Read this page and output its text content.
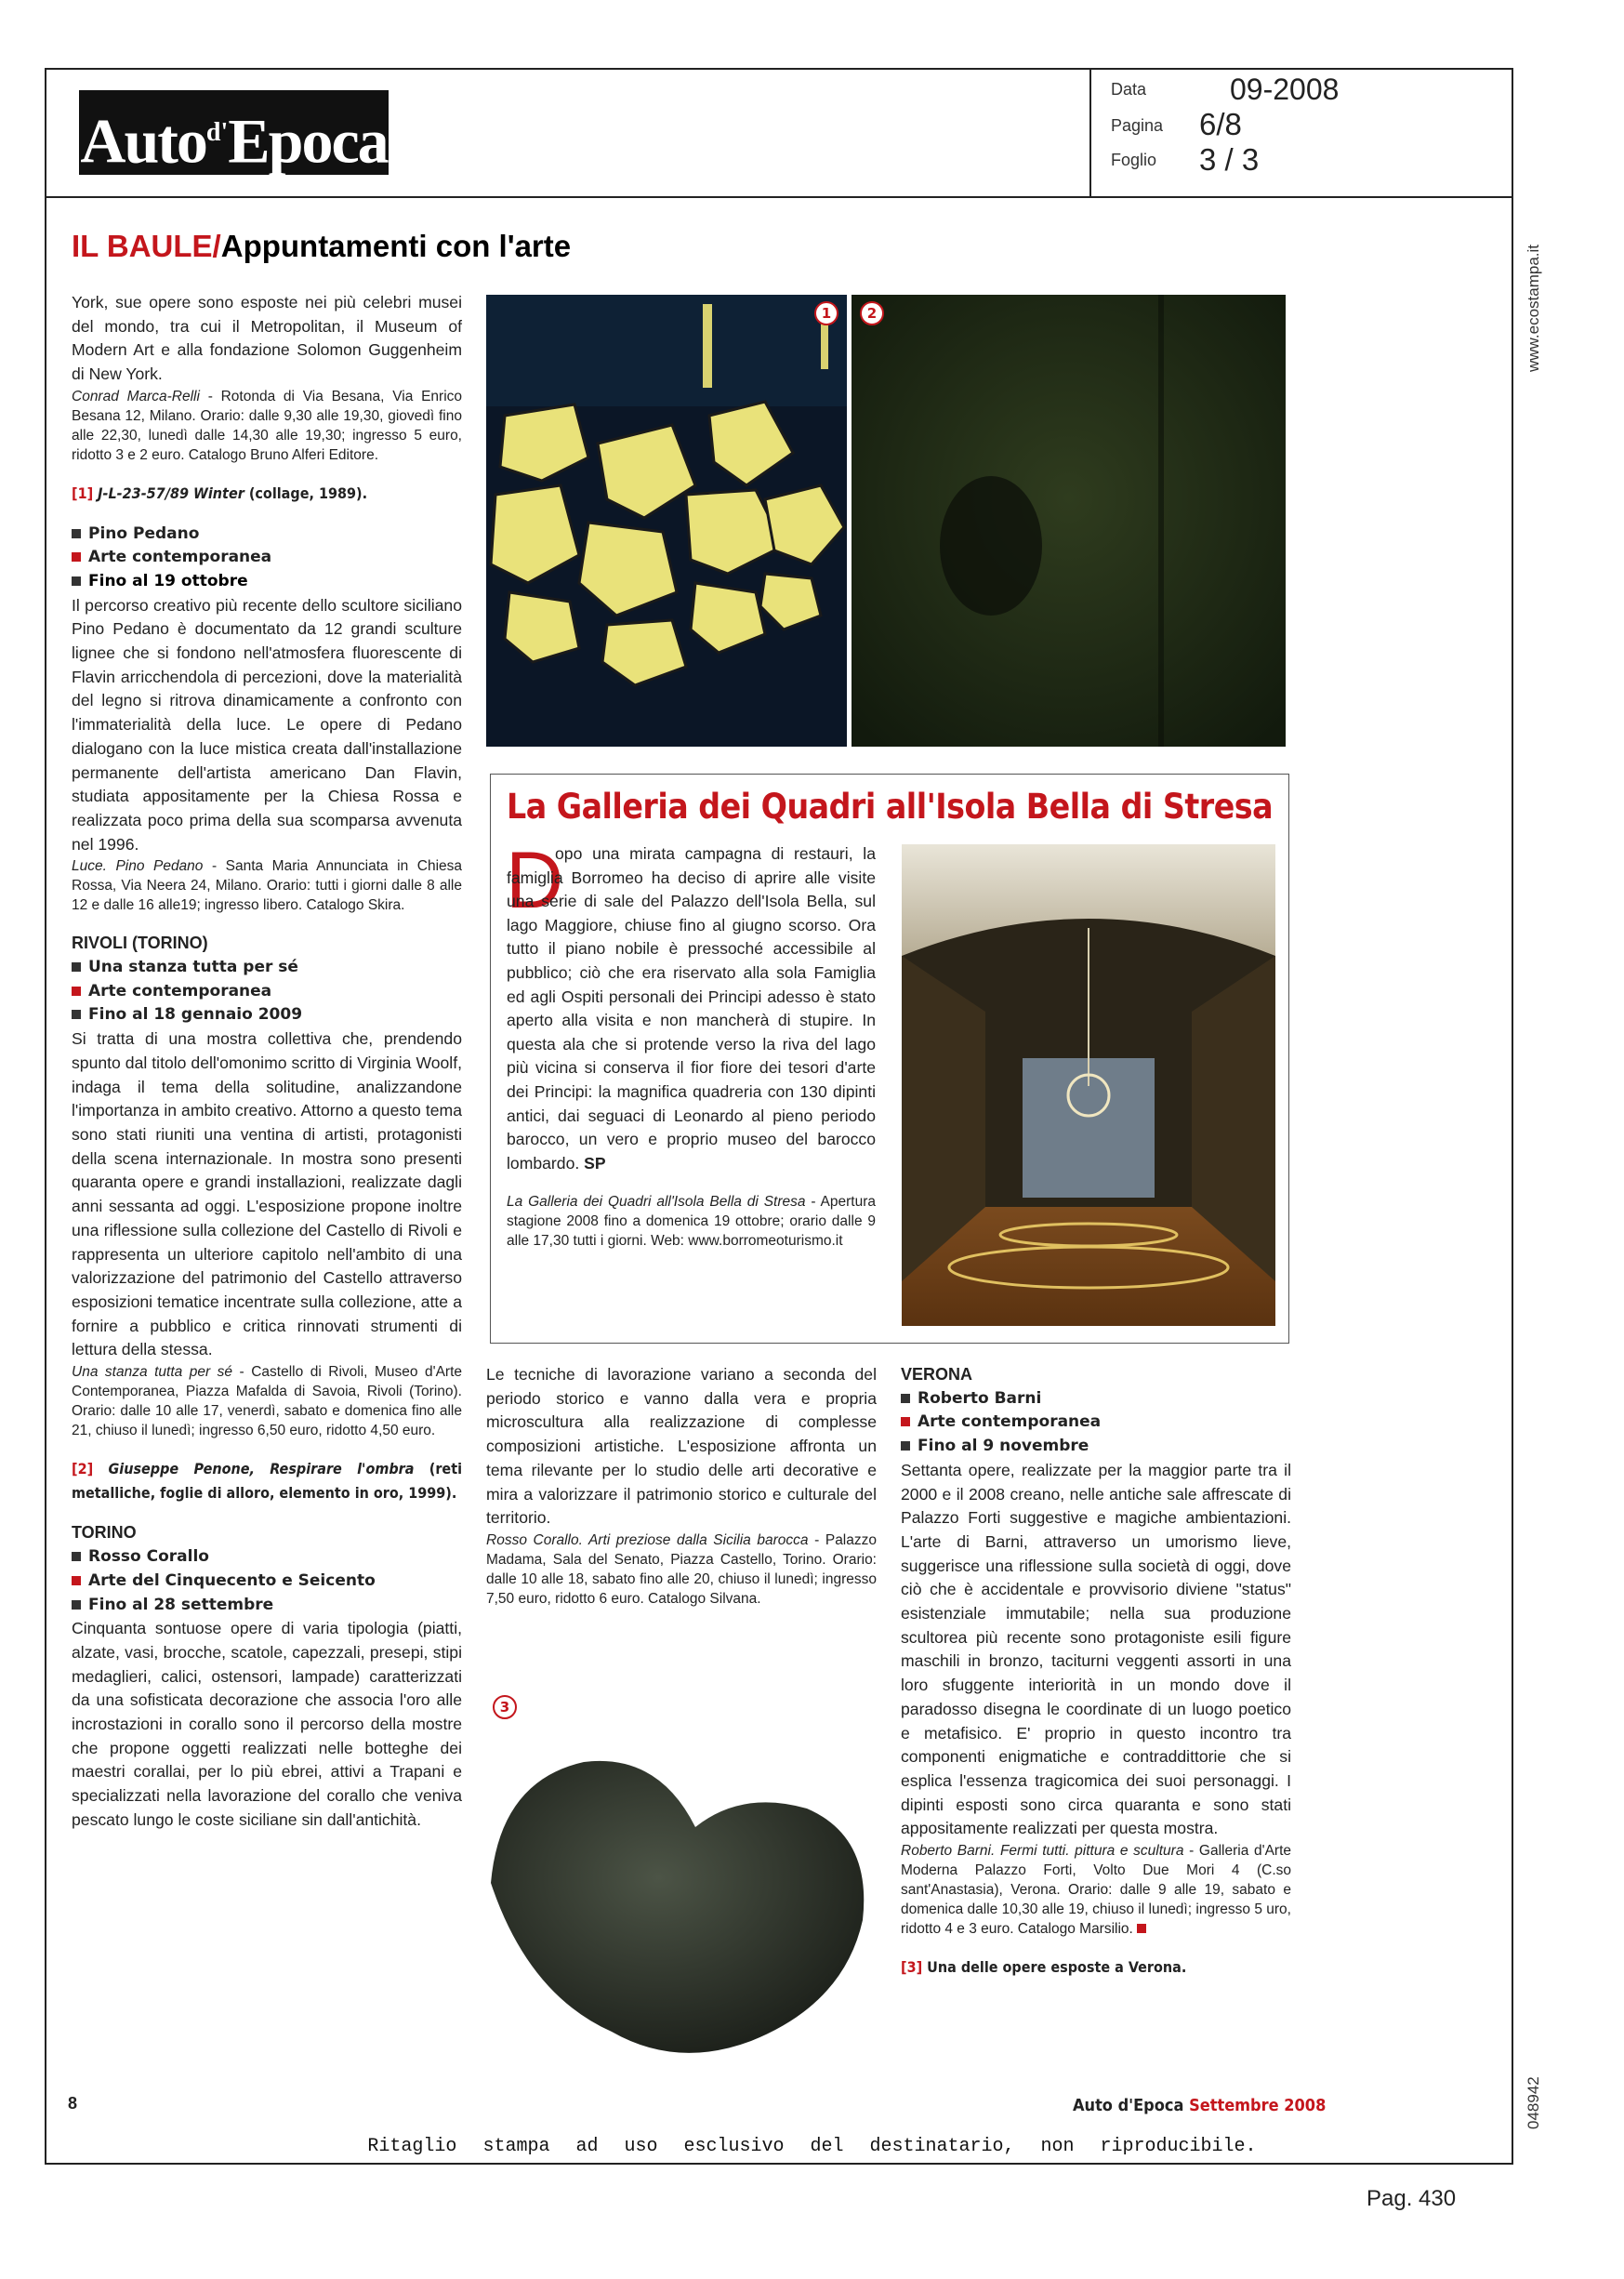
Auto$^{d'}$Epoca
Data	09-2008
Pagina 6/8
Foglio 3 / 3
IL BAULE/Appuntamenti con l'arte

York, sue opere sono esposte nei più celebri musei del mondo, tra cui il Metropolitan, il Museum of Modern Art e alla fondazione Solomon Guggenheim di New York.

Conrad Marca-Relli - Rotonda di Via Besana, Via Enrico Besana 12, Milano. Orario: dalle 9,30 alle 19,30, giovedì fino alle 22,30, lunedì dalle 14,30 alle 19,30; ingresso 5 euro, ridotto 3 e 2 euro. Catalogo Bruno Alferi Editore.

[1] J-L-23-57/89 Winter (collage, 1989).

Pino Pedano

Arte contemporanea

Fino al 19 ottobre

Il percorso creativo più recente dello scultore siciliano Pino Pedano è documentato da 12 grandi sculture lignee che si fondono nell'atmosfera fluorescente di Flavin arricchendola di percezioni, dove la materialità del legno si ritrova dinamicamente a confronto con l'immaterialità della luce. Le opere di Pedano dialogano con la luce mistica creata dall'installazione permanente dell'artista americano Dan Flavin, studiata appositamente per la Chiesa Rossa e realizzata poco prima della sua scomparsa avvenuta nel 1996.

Luce. Pino Pedano - Santa Maria Annunciata in Chiesa Rossa, Via Neera 24, Milano. Orario: tutti i giorni dalle 8 alle 12 e dalle 16 alle19; ingresso libero. Catalogo Skira.

RIVOLI (TORINO)

Una stanza tutta per sé

Arte contemporanea

Fino al 18 gennaio 2009

Si tratta di una mostra collettiva che, prendendo spunto dal titolo dell'omonimo scritto di Virginia Woolf, indaga il tema della solitudine, analizzandone l'importanza in ambito creativo. Attorno a questo tema sono stati riuniti una ventina di artisti, protagonisti della scena internazionale. In mostra sono presenti quaranta opere e grandi installazioni, realizzate dagli anni sessanta ad oggi. L'esposizione propone inoltre una riflessione sulla collezione del Castello di Rivoli e rappresenta un ulteriore capitolo nell'ambito di una valorizzazione del patrimonio del Castello attraverso esposizioni tematice incentrate sulla collezione, atte a fornire a pubblico e critica rinnovati strumenti di lettura della stessa.

Una stanza tutta per sé - Castello di Rivoli, Museo d'Arte Contemporanea, Piazza Mafalda di Savoia, Rivoli (Torino). Orario: dalle 10 alle 17, venerdì, sabato e domenica fino alle 21, chiuso il lunedì; ingresso 6,50 euro, ridotto 4,50 euro.

[2] Giuseppe Penone, Respirare l'ombra (reti metalliche, foglie di alloro, elemento in oro, 1999).

TORINO

Rosso Corallo

Arte del Cinquecento e Seicento

Fino al 28 settembre

Cinquanta sontuose opere di varia tipologia (piatti, alzate, vasi, brocche, scatole, capezzali, presepi, stipi medaglieri, calici, ostensori, lampade) caratterizzati da una sofisticata decorazione che associa l'oro alle incrostazioni in corallo sono il percorso della mostre che propone oggetti realizzati nelle botteghe dei maestri corallai, per lo più ebrei, attivi a Trapani e specializzati nella lavorazione del corallo che veniva pescato lungo le coste siciliane sin dall'antichità.

1	2
La Galleria dei Quadri all'Isola Bella di Stresa
D

opo una mirata campagna di restauri, la famiglia Borromeo ha deciso di aprire alle visite una serie di sale del Palazzo dell'Isola Bella, sul lago Maggiore, chiuse fino al giugno scorso. Ora tutto il piano nobile è pressoché accessibile al pubblico; ciò che era riservato alla sola Famiglia ed agli Ospiti personali dei Principi adesso è stato aperto alla visita e non mancherà di stupire. In questa ala che si protende verso la riva del lago più vicina si conserva il fior fiore dei tesori d'arte dei Principi: la magnifica quadreria con 130 dipinti antici, dai seguaci di Leonardo al pieno periodo barocco, un vero e proprio museo del barocco lombardo. SP

La Galleria dei Quadri all'Isola Bella di Stresa - Apertura stagione 2008 fino a domenica 19 ottobre; orario dalle 9 alle 17,30 tutti i giorni. Web: www.borromeoturismo.it

Le tecniche di lavorazione variano a seconda del periodo storico e vanno dalla vera e propria microscultura alla realizzazione di complesse composizioni artistiche. L'esposizione affronta un tema rilevante per lo studio delle arti decorative e mira a valorizzare il patrimonio storico e culturale del territorio.

Rosso Corallo. Arti preziose dalla Sicilia barocca - Palazzo Madama, Sala del Senato, Piazza Castello, Torino. Orario: dalle 10 alle 18, sabato fino alle 20, chiuso il lunedì; ingresso 7,50 euro, ridotto 6 euro. Catalogo Silvana.

3

VERONA

Roberto Barni

Arte contemporanea

Fino al 9 novembre

Settanta opere, realizzate per la maggior parte tra il 2000 e il 2008 creano, nelle antiche sale affrescate di Palazzo Forti suggestive e magiche ambientazioni. L'arte di Barni, attraverso un umorismo lieve, suggerisce una riflessione sulla società di oggi, dove ciò che è accidentale e provvisorio diviene "status" esistenziale immutabile; nella sua produzione scultorea più recente sono protagoniste esili figure maschili in bronzo, taciturni veggenti assorti in una loro sfuggente interiorità in un mondo dove il paradosso disegna le coordinate di un luogo poetico e metafisico. E' proprio in questo incontro tra componenti enigmatiche e contraddittorie che si esplica l'essenza tragicomica dei suoi personaggi. I dipinti esposti sono circa quaranta e sono stati appositamente realizzati per questa mostra.

Roberto Barni. Fermi tutti. pittura e scultura - Galleria d'Arte Moderna Palazzo Forti, Volto Due Mori 4 (C.so sant'Anastasia), Verona. Orario: dalle 9 alle 19, sabato e domenica dalle 10,30 alle 19, chiuso il lunedì; ingresso 5 uro, ridotto 4 e 3 euro. Catalogo Marsilio.

[3] Una delle opere esposte a Verona.

8	Auto d'Epoca Settembre 2008
Ritaglio stampa ad uso esclusivo del destinatario, non riproducibile.
www.ecostampa.it
048942
Pag. 430
